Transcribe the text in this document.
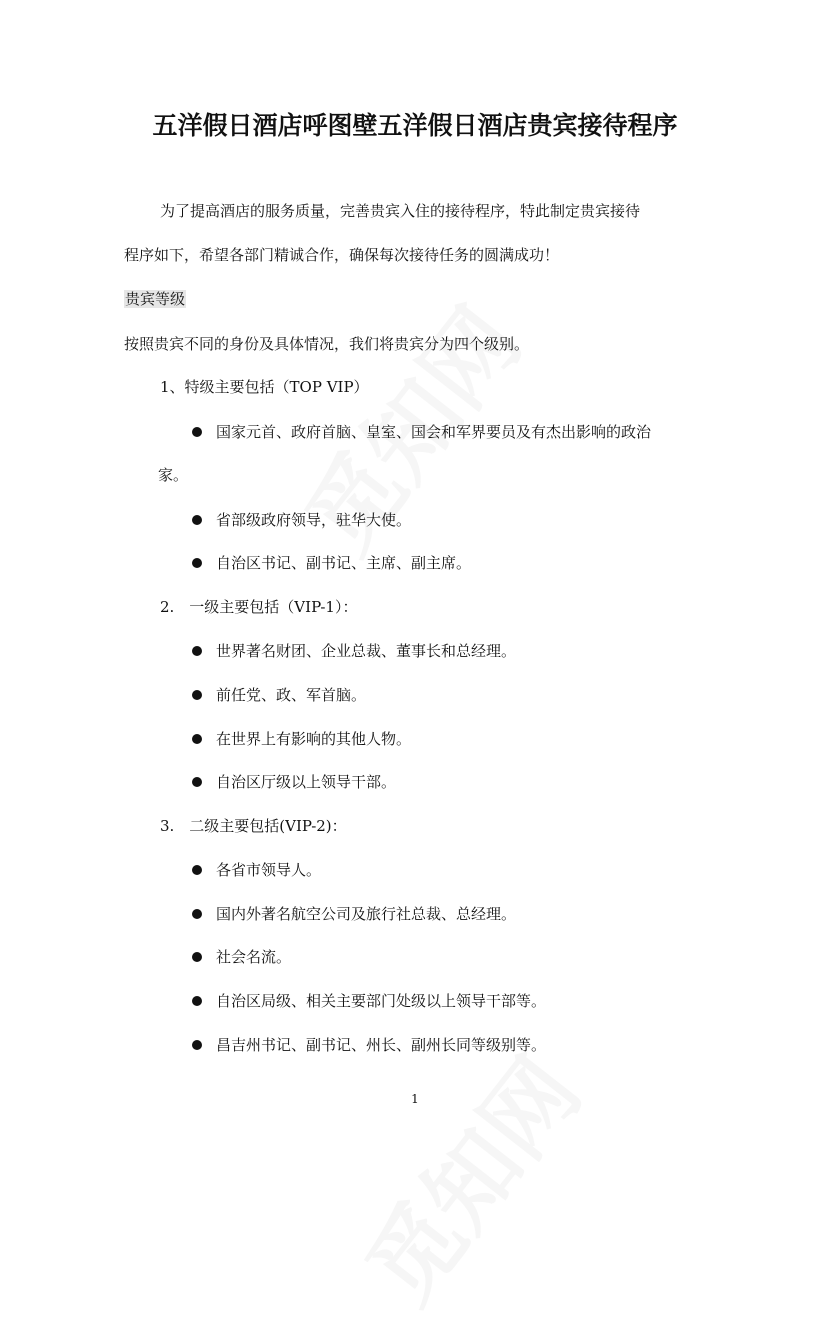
五洋假日酒店呼图壁五洋假日酒店贵宾接待程序
为了提高酒店的服务质量，完善贵宾入住的接待程序，特此制定贵宾接待
程序如下，希望各部门精诚合作，确保每次接待任务的圆满成功！
贵宾等级
按照贵宾不同的身份及具体情况，我们将贵宾分为四个级别。
1、特级主要包括（TOP VIP）
国家元首、政府首脑、皇室、国会和军界要员及有杰出影响的政治
家。
省部级政府领导，驻华大使。
自治区书记、副书记、主席、副主席。
2.　一级主要包括（VIP-1）：
世界著名财团、企业总裁、董事长和总经理。
前任党、政、军首脑。
在世界上有影响的其他人物。
自治区厅级以上领导干部。
3.　二级主要包括(VIP-2)：
各省市领导人。
国内外著名航空公司及旅行社总裁、总经理。
社会名流。
自治区局级、相关主要部门处级以上领导干部等。
昌吉州书记、副书记、州长、副州长同等级别等。
1
